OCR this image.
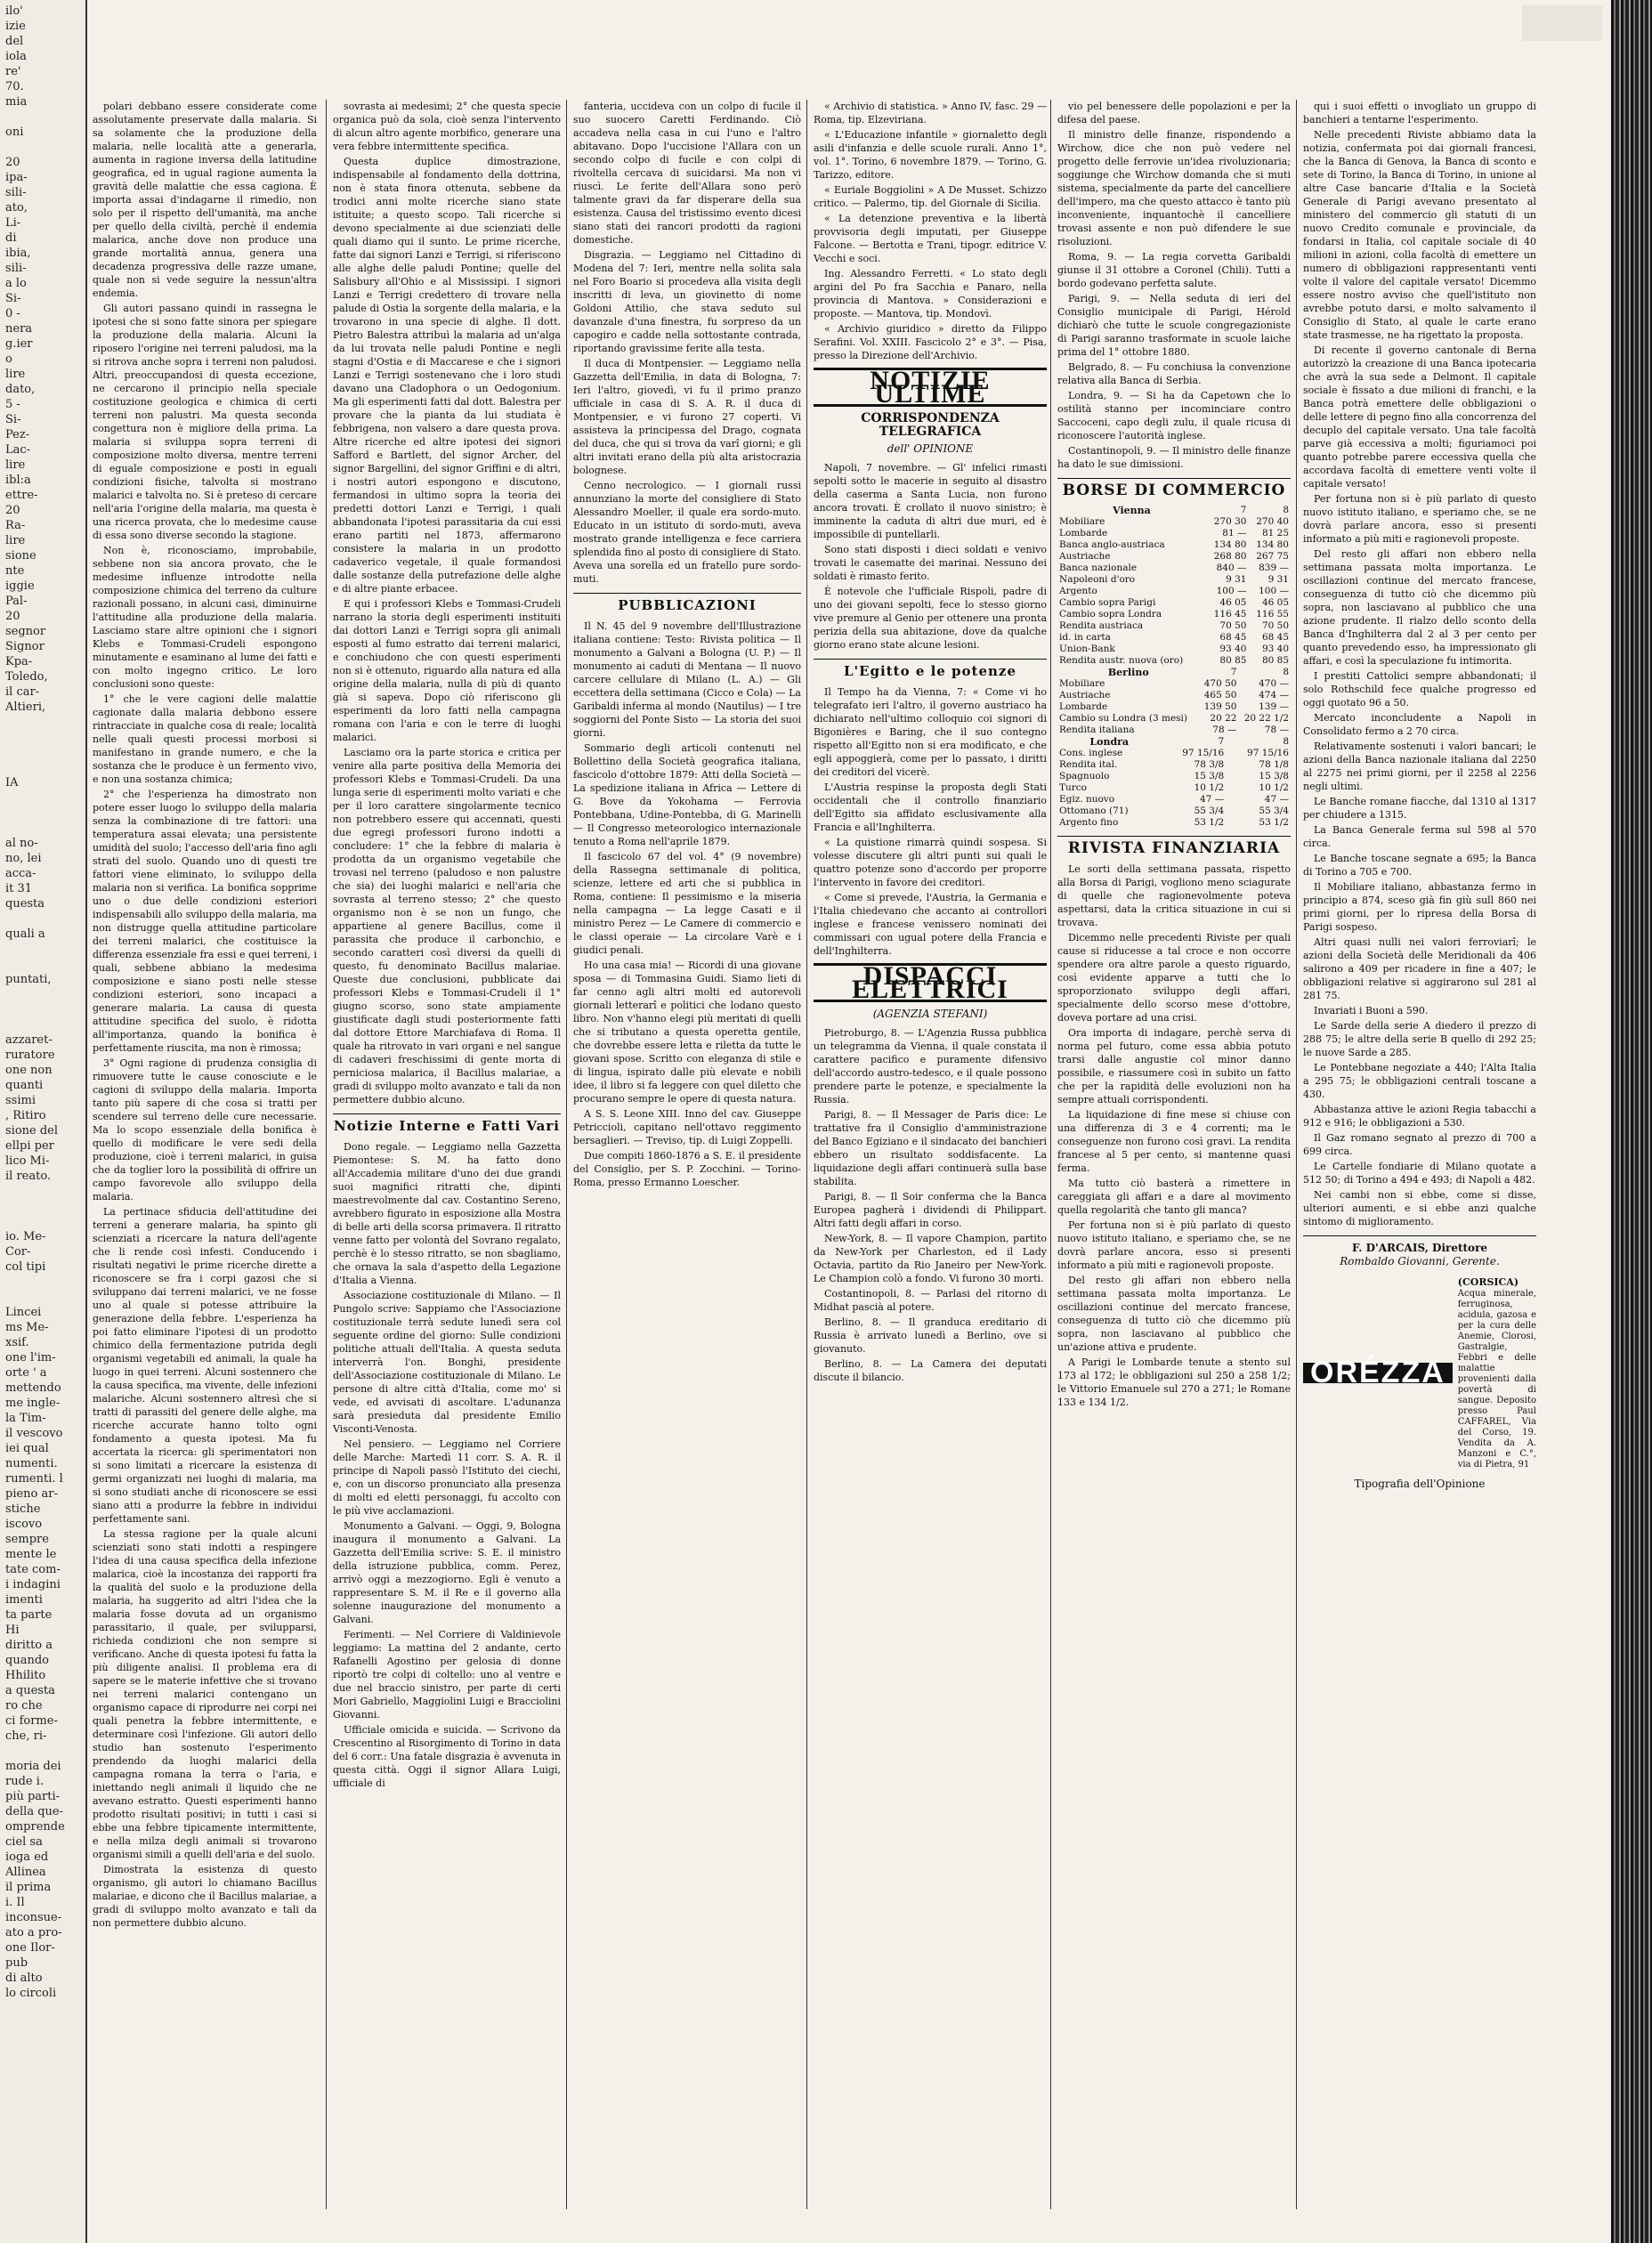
ilo'
izie
del
iola
re'
70.
mia

oni

20
ipa-
sili-
ato,
Li-
di
ibia,
sili-
a lo
Si-
0 -
nera
g.ier
o
lire
dato,
5 -
Si-
Pez-
Lac-
lire
ibl:a
ettre-
20
Ra-
lire
sione
nte
iggie
Pal-
20
segnor
Signor
Kpa-
Toledo,
il car-
Altieri,

IA

al no-
no, lei
acca-
it 31
questa

quali a

puntati,

azzaret-
ruratore
one non
quanti
ssimi
, Ritiro
sione del
ellpi per
lico Mi-
il reato.

io. Me-
Cor-
col tipi

Lincei
ms Me-
xsif.
one l'im-
orte ' a
mettendo
me ingle-
la Tim-
il vescovo
iei qual
numenti.
rumenti. l
pieno ar-
stiche
iscovo
sempre
mente le
tate com-
i indagini
imenti
ta parte
Hi
diritto a
quando
Hhilito
a questa
ro che
ci forme-
che, ri-

moria dei
rude i.
più parti-
della que-
omprende
ciel sa
ioga ed
Allinea
il prima
i. Il
inconsue-
ato a pro-
one Ilor-
pub
di alto
lo circoli

polari debbano essere considerate come assolutamente preservate dalla malaria. Si sa solamente che la produzione della malaria, nelle località atte a generarla, aumenta in ragione inversa della latitudine geografica, ed in ugual ragione aumenta la gravità delle malattie che essa cagiona. È importa assai d'indagarne il rimedio, non solo per il rispetto dell'umanità, ma anche per quello della civiltà, perchè il endemia malarica, anche dove non produce una grande mortalità annua, genera una decadenza progressiva delle razze umane, quale non si vede seguire la nessun'altra endemia.

Gli autori passano quindi in rassegna le ipotesi che si sono fatte sinora per spiegare la produzione della malaria. Alcuni la riposero l'origine nei terreni paludosi, ma la si ritrova anche sopra i terreni non paludosi. Altri, preoccupandosi di questa eccezione, ne cercarono il principio nella speciale costituzione geologica e chimica di certi terreni non palustri. Ma questa seconda congettura non è migliore della prima. La malaria si sviluppa sopra terreni di composizione molto diversa, mentre terreni di eguale composizione e posti in eguali condizioni fisiche, talvolta si mostrano malarici e talvolta no. Si è preteso di cercare nell'aria l'origine della malaria, ma questa è una ricerca provata, che lo medesime cause di essa sono diverse secondo la stagione.

Non è, riconosciamo, improbabile, sebbene non sia ancora provato, che le medesime influenze introdotte nella composizione chimica del terreno da culture razionali possano, in alcuni casi, diminuirne l'attitudine alla produzione della malaria. Lasciamo stare altre opinioni che i signori Klebs e Tommasi-Crudeli espongono minutamente e esaminano al lume dei fatti e con molto ingegno critico. Le loro conclusioni sono queste:

1° che le vere cagioni delle malattie cagionate dalla malaria debbono essere rintracciate in qualche cosa di reale; località nelle quali questi processi morbosi si manifestano in grande numero, e che la sostanza che le produce è un fermento vivo, e non una sostanza chimica;

2° che l'esperienza ha dimostrato non potere esser luogo lo sviluppo della malaria senza la combinazione di tre fattori: una temperatura assai elevata; una persistente umidità del suolo; l'accesso dell'aria fino agli strati del suolo. Quando uno di questi tre fattori viene eliminato, lo sviluppo della malaria non si verifica. La bonifica sopprime uno o due delle condizioni esteriori indispensabili allo sviluppo della malaria, ma non distrugge quella attitudine particolare dei terreni malarici, che costituisce la differenza essenziale fra essi e quei terreni, i quali, sebbene abbiano la medesima composizione e siano posti nelle stesse condizioni esteriori, sono incapaci a generare malaria. La causa di questa attitudine specifica del suolo, è ridotta all'importanza, quando la bonifica è perfettamente riuscita, ma non è rimossa;

3° Ogni ragione di prudenza consiglia di rimuovere tutte le cause conosciute e le cagioni di sviluppo della malaria. Importa tanto più sapere di che cosa si tratti per scendere sul terreno delle cure necessarie. Ma lo scopo essenziale della bonifica è quello di modificare le vere sedi della produzione, cioè i terreni malarici, in guisa che da toglier loro la possibilità di offrire un campo favorevole allo sviluppo della malaria.

La pertinace sfiducia dell'attitudine dei terreni a generare malaria, ha spinto gli scienziati a ricercare la natura dell'agente che li rende così infesti. Conducendo i risultati negativi le prime ricerche dirette a riconoscere se fra i corpi gazosi che si sviluppano dai terreni malarici, ve ne fosse uno al quale si potesse attribuire la generazione della febbre. L'esperienza ha poi fatto eliminare l'ipotesi di un prodotto chimico della fermentazione putrida degli organismi vegetabili ed animali, la quale ha luogo in quei terreni. Alcuni sostennero che la causa specifica, ma vivente, delle infezioni malariche. Alcuni sostennero altresì che si tratti di parassiti del genere delle alghe, ma ricerche accurate hanno tolto ogni fondamento a questa ipotesi. Ma fu accertata la ricerca: gli sperimentatori non si sono limitati a ricercare la esistenza di germi organizzati nei luoghi di malaria, ma si sono studiati anche di riconoscere se essi siano atti a produrre la febbre in individui perfettamente sani.

La stessa ragione per la quale alcuni scienziati sono stati indotti a respingere l'idea di una causa specifica della infezione malarica, cioè la incostanza dei rapporti fra la qualità del suolo e la produzione della malaria, ha suggerito ad altri l'idea che la malaria fosse dovuta ad un organismo parassitario, il quale, per svilupparsi, richieda condizioni che non sempre si verificano. Anche di questa ipotesi fu fatta la più diligente analisi. Il problema era di sapere se le materie infettive che si trovano nei terreni malarici contengano un organismo capace di riprodurre nei corpi nei quali penetra la febbre intermittente, e determinare così l'infezione. Gli autori dello studio han sostenuto l'esperimento prendendo da luoghi malarici della campagna romana la terra o l'aria, e iniettando negli animali il liquido che ne avevano estratto. Questi esperimenti hanno prodotto risultati positivi; in tutti i casi si ebbe una febbre tipicamente intermittente, e nella milza degli animali si trovarono organismi simili a quelli dell'aria e del suolo.

Dimostrata la esistenza di questo organismo, gli autori lo chiamano Bacillus malariae, e dicono che il Bacillus malariae, a gradi di sviluppo molto avanzato e tali da non permettere dubbio alcuno.

sovrasta ai medesimi; 2° che questa specie organica può da sola, cioè senza l'intervento di alcun altro agente morbifico, generare una vera febbre intermittente specifica.

Questa duplice dimostrazione, indispensabile al fondamento della dottrina, non è stata finora ottenuta, sebbene da trodici anni molte ricerche siano state istituite; a questo scopo. Tali ricerche si devono specialmente ai due scienziati delle quali diamo qui il sunto. Le prime ricerche, fatte dai signori Lanzi e Terrigi, si riferiscono alle alghe delle paludi Pontine; quelle del Salisbury all'Ohio e al Mississipi. I signori Lanzi e Terrigi credettero di trovare nella palude di Ostia la sorgente della malaria, e la trovarono in una specie di alghe. Il dott. Pietro Balestra attribuì la malaria ad un'alga da lui trovata nelle paludi Pontine e negli stagni d'Ostia e di Maccarese e che i signori Lanzi e Terrigi sostenevano che i loro studi davano una Cladophora o un Oedogonium. Ma gli esperimenti fatti dal dott. Balestra per provare che la pianta da lui studiata è febbrigena, non valsero a dare questa prova. Altre ricerche ed altre ipotesi dei signori Safford e Bartlett, del signor Archer, del signor Bargellini, del signor Griffini e di altri, i nostri autori espongono e discutono, fermandosi in ultimo sopra la teoria dei predetti dottori Lanzi e Terrigi, i quali abbandonata l'ipotesi parassitaria da cui essi erano partiti nel 1873, affermarono consistere la malaria in un prodotto cadaverico vegetale, il quale formandosi dalle sostanze della putrefazione delle alghe e di altre piante erbacee.

E qui i professori Klebs e Tommasi-Crudeli narrano la storia degli esperimenti instituiti dai dottori Lanzi e Terrigi sopra gli animali esposti al fumo estratto dai terreni malarici, e conchiudono che con questi esperimenti non si è ottenuto, riguardo alla natura ed alla origine della malaria, nulla di più di quanto già si sapeva. Dopo ciò riferiscono gli esperimenti da loro fatti nella campagna romana con l'aria e con le terre di luoghi malarici.

Lasciamo ora la parte storica e critica per venire alla parte positiva della Memoria dei professori Klebs e Tommasi-Crudeli. Da una lunga serie di esperimenti molto variati e che per il loro carattere singolarmente tecnico non potrebbero essere qui accennati, questi due egregi professori furono indotti a concludere: 1° che la febbre di malaria è prodotta da un organismo vegetabile che trovasi nel terreno (paludoso e non palustre che sia) dei luoghi malarici e nell'aria che sovrasta al terreno stesso; 2° che questo organismo non è se non un fungo, che appartiene al genere Bacillus, come il parassita che produce il carbonchio, e secondo caratteri così diversi da quelli di questo, fu denominato Bacillus malariae. Queste due conclusioni, pubblicate dai professori Klebs e Tommasi-Crudeli il 1° giugno scorso, sono state ampiamente giustificate dagli studi posteriormente fatti dal dottore Ettore Marchiafava di Roma. Il quale ha ritrovato in vari organi e nel sangue di cadaveri freschissimi di gente morta di perniciosa malarica, il Bacillus malariae, a gradi di sviluppo molto avanzato e tali da non permettere dubbio alcuno.

Notizie Interne e Fatti Vari

Dono regale. — Leggiamo nella Gazzetta Piemontese: S. M. ha fatto dono all'Accademia militare d'uno dei due grandi suoi magnifici ritratti che, dipinti maestrevolmente dal cav. Costantino Sereno, avrebbero figurato in esposizione alla Mostra di belle arti della scorsa primavera. Il ritratto venne fatto per volontà del Sovrano regalato, perchè è lo stesso ritratto, se non sbagliamo, che ornava la sala d'aspetto della Legazione d'Italia a Vienna.

Associazione costituzionale di Milano. — Il Pungolo scrive: Sappiamo che l'Associazione costituzionale terrà sedute lunedì sera col seguente ordine del giorno: Sulle condizioni politiche attuali dell'Italia. A questa seduta interverrà l'on. Bonghi, presidente dell'Associazione costituzionale di Milano. Le persone di altre città d'Italia, come mo' si vede, ed avvisati di ascoltare. L'adunanza sarà presieduta dal presidente Emilio Visconti-Venosta.

Nel pensiero. — Leggiamo nel Corriere delle Marche: Martedì 11 corr. S. A. R. il principe di Napoli passò l'Istituto dei ciechi, e, con un discorso pronunciato alla presenza di molti ed eletti personaggi, fu accolto con le più vive acclamazioni.

Monumento a Galvani. — Oggi, 9, Bologna inaugura il monumento a Galvani. La Gazzetta dell'Emilia scrive: S. E. il ministro della istruzione pubblica, comm. Perez, arrivò oggi a mezzogiorno. Egli è venuto a rappresentare S. M. il Re e il governo alla solenne inaugurazione del monumento a Galvani.

Ferimenti. — Nel Corriere di Valdinievole leggiamo: La mattina del 2 andante, certo Rafanelli Agostino per gelosia di donne riportò tre colpi di coltello: uno al ventre e due nel braccio sinistro, per parte di certi Mori Gabriello, Maggiolini Luigi e Bracciolini Giovanni.

Ufficiale omicida e suicida. — Scrivono da Crescentino al Risorgimento di Torino in data del 6 corr.: Una fatale disgrazia è avvenuta in questa città. Oggi il signor Allara Luigi, ufficiale di

fanteria, uccideva con un colpo di fucile il suo suocero Caretti Ferdinando. Ciò accadeva nella casa in cui l'uno e l'altro abitavano. Dopo l'uccisione l'Allara con un secondo colpo di fucile e con colpi di rivoltella cercava di suicidarsi. Ma non vi riuscì. Le ferite dell'Allara sono però talmente gravi da far disperare della sua esistenza. Causa del tristissimo evento dicesi siano stati dei rancori prodotti da ragioni domestiche.

Disgrazia. — Leggiamo nel Cittadino di Modena del 7: Ieri, mentre nella solita sala nel Foro Boario si procedeva alla visita degli inscritti di leva, un giovinetto di nome Goldoni Attilio, che stava seduto sul davanzale d'una finestra, fu sorpreso da un capogiro e cadde nella sottostante contrada, riportando gravissime ferite alla testa.

Il duca di Montpensier. — Leggiamo nella Gazzetta dell'Emilia, in data di Bologna, 7: Ieri l'altro, giovedì, vi fu il primo pranzo ufficiale in casa di S. A. R. il duca di Montpensier, e vi furono 27 coperti. Vi assisteva la principessa del Drago, cognata del duca, che qui si trova da varî giorni; e gli altri invitati erano della più alta aristocrazia bolognese.

Cenno necrologico. — I giornali russi annunziano la morte del consigliere di Stato Alessandro Moeller, il quale era sordo-muto. Educato in un istituto di sordo-muti, aveva mostrato grande intelligenza e fece carriera splendida fino al posto di consigliere di Stato. Aveva una sorella ed un fratello pure sordo-muti.

PUBBLICAZIONI

Il N. 45 del 9 novembre dell'Illustrazione italiana contiene: Testo: Rivista politica — Il monumento a Galvani a Bologna (U. P.) — Il monumento ai caduti di Mentana — Il nuovo carcere cellulare di Milano (L. A.) — Gli eccettera della settimana (Cicco e Cola) — La Garibaldi inferma al mondo (Nautilus) — I tre soggiorni del Ponte Sisto — La storia dei suoi giorni.

Sommario degli articoli contenuti nel Bollettino della Società geografica italiana, fascicolo d'ottobre 1879: Atti della Società — La spedizione italiana in Africa — Lettere di G. Bove da Yokohama — Ferrovia Pontebbana, Udine-Pontebba, di G. Marinelli — Il Congresso meteorologico internazionale tenuto a Roma nell'aprile 1879.

Il fascicolo 67 del vol. 4° (9 novembre) della Rassegna settimanale di politica, scienze, lettere ed arti che si pubblica in Roma, contiene: Il pessimismo e la miseria nella campagna — La legge Casati e il ministro Perez — Le Camere di commercio e le classi operaie — La circolare Varè e i giudici penali.

Ho una casa mia! — Ricordi di una giovane sposa — di Tommasina Guidi. Siamo lieti di far cenno agli altri molti ed autorevoli giornali letterarî e politici che lodano questo libro. Non v'hanno elegi più meritati di quelli che si tributano a questa operetta gentile, che dovrebbe essere letta e riletta da tutte le giovani spose. Scritto con eleganza di stile e di lingua, ispirato dalle più elevate e nobili idee, il libro si fa leggere con quel diletto che procurano sempre le opere di questa natura.

A S. S. Leone XIII. Inno del cav. Giuseppe Petriccioli, capitano nell'ottavo reggimento bersaglieri. — Treviso, tip. di Luigi Zoppelli.

Due compiti 1860-1876 a S. E. il presidente del Consiglio, per S. P. Zocchini. — Torino-Roma, presso Ermanno Loescher.

« Archivio di statistica. » Anno IV, fasc. 29 — Roma, tip. Elzeviriana.

« L'Educazione infantile » giornaletto degli asili d'infanzia e delle scuole rurali. Anno 1°, vol. 1°. Torino, 6 novembre 1879. — Torino, G. Tarizzo, editore.

« Euriale Boggiolini » A De Musset. Schizzo critico. — Palermo, tip. del Giornale di Sicilia.

« La detenzione preventiva e la libertà provvisoria degli imputati, per Giuseppe Falcone. — Bertotta e Trani, tipogr. editrice V. Vecchi e soci.

Ing. Alessandro Ferretti. « Lo stato degli argini del Po fra Sacchia e Panaro, nella provincia di Mantova. » Considerazioni e proposte. — Mantova, tip. Mondovì.

« Archivio giuridico » diretto da Filippo Serafini. Vol. XXIII. Fascicolo 2° e 3°. — Pisa, presso la Direzione dell'Archivio.

NOTIZIE ULTIME
CORRISPONDENZA TELEGRAFICA
dell' OPINIONE

Napoli, 7 novembre. — Gl' infelici rimasti sepolti sotto le macerie in seguito al disastro della caserma a Santa Lucia, non furono ancora trovati. È crollato il nuovo sinistro; è imminente la caduta di altri due muri, ed è impossibile di puntellarli.

Sono stati disposti i dieci soldati e venivo trovati le casematte dei marinai. Nessuno dei soldati è rimasto ferito.

È notevole che l'ufficiale Rispoli, padre di uno dei giovani sepolti, fece lo stesso giorno vive premure al Genio per ottenere una pronta perizia della sua abitazione, dove da qualche giorno erano state alcune lesioni.

L'Egitto e le potenze

Il Tempo ha da Vienna, 7: « Come vi ho telegrafato ieri l'altro, il governo austriaco ha dichiarato nell'ultimo colloquio coi signori di Bigonières e Baring, che il suo contegno rispetto all'Egitto non si era modificato, e che egli appoggierà, come per lo passato, i diritti dei creditori del vicerè.

L'Austria respinse la proposta degli Stati occidentali che il controllo finanziario dell'Egitto sia affidato esclusivamente alla Francia e all'Inghilterra.

« La quistione rimarrà quindi sospesa. Si volesse discutere gli altri punti sui quali le quattro potenze sono d'accordo per proporre l'intervento in favore dei creditori.

« Come si prevede, l'Austria, la Germania e l'Italia chiedevano che accanto ai controllori inglese e francese venissero nominati dei commissari con ugual potere della Francia e dell'Inghilterra.

DISPACCI ELETTRICI
(AGENZIA STEFANI)

Pietroburgo, 8. — L'Agenzia Russa pubblica un telegramma da Vienna, il quale constata il carattere pacifico e puramente difensivo dell'accordo austro-tedesco, e il quale possono prendere parte le potenze, e specialmente la Russia.

Parigi, 8. — Il Messager de Paris dice: Le trattative fra il Consiglio d'amministrazione del Banco Egiziano e il sindacato dei banchieri ebbero un risultato soddisfacente. La liquidazione degli affari continuerà sulla base stabilita.

Parigi, 8. — Il Soir conferma che la Banca Europea pagherà i dividendi di Philippart. Altri fatti degli affari in corso.

New-York, 8. — Il vapore Champion, partito da New-York per Charleston, ed il Lady Octavia, partito da Rio Janeiro per New-York. Le Champion colò a fondo. Vi furono 30 morti.

Costantinopoli, 8. — Parlasi del ritorno di Midhat pascià al potere.

Berlino, 8. — Il granduca ereditario di Russia è arrivato lunedì a Berlino, ove si giovanuto.

Berlino, 8. — La Camera dei deputati discute il bilancio.

vio pel benessere delle popolazioni e per la difesa del paese.

Il ministro delle finanze, rispondendo a Wirchow, dice che non può vedere nel progetto delle ferrovie un'idea rivoluzionaria; soggiunge che Wirchow domanda che si muti sistema, specialmente da parte del cancelliere dell'impero, ma che questo attacco è tanto più inconveniente, inquantochè il cancelliere trovasi assente e non può difendere le sue risoluzioni.

Roma, 9. — La regia corvetta Garibaldi giunse il 31 ottobre a Coronel (Chili). Tutti a bordo godevano perfetta salute.

Parigi, 9. — Nella seduta di ieri del Consiglio municipale di Parigi, Hérold dichiarò che tutte le scuole congregazioniste di Parigi saranno trasformate in scuole laiche prima del 1° ottobre 1880.

Belgrado, 8. — Fu conchiusa la convenzione relativa alla Banca di Serbia.

Londra, 9. — Si ha da Capetown che lo ostilità stanno per incominciare contro Saccoceni, capo degli zulu, il quale ricusa di riconoscere l'autorità inglese.

Costantinopoli, 9. — Il ministro delle finanze ha dato le sue dimissioni.

BORSE DI COMMERCIO
Vienna	7	8
Mobiliare	270 30	270 40
Lombarde	81 —	81 25
Banca anglo-austriaca	134 80	134 80
Austriache	268 80	267 75
Banca nazionale	840 —	839 —
Napoleoni d'oro	9 31	9 31
Argento	100 —	100 —
Cambio sopra Parigi	46 05	46 05
Cambio sopra Londra	116 45	116 55
Rendita austriaca	70 50	70 50
id. in carta	68 45	68 45
Union-Bank	93 40	93 40
Rendita austr. nuova (oro)	80 85	80 85
Berlino	7	8
Mobiliare	470 50	470 —
Austriache	465 50	474 —
Lombarde	139 50	139 —
Cambio su Londra (3 mesi)	20 22	20 22 1/2
Rendita italiana	78 —	78 —
Londra	7	8
Cons. inglese	97 15/16	97 15/16
Rendita ital.	78 3/8	78 1/8
Spagnuolo	15 3/8	15 3/8
Turco	10 1/2	10 1/2
Egiz. nuovo	47 —	47 —
Ottomano (71)	55 3/4	55 3/4
Argento fino	53 1/2	53 1/2
RIVISTA FINANZIARIA

Le sorti della settimana passata, rispetto alla Borsa di Parigi, vogliono meno sciagurate di quelle che ragionevolmente poteva aspettarsi, data la critica situazione in cui si trovava.

Dicemmo nelle precedenti Riviste per quali cause si riducesse a tal croce e non occorre spendere ora altre parole a questo riguardo, così evidente apparve a tutti che lo sproporzionato sviluppo degli affari, specialmente dello scorso mese d'ottobre, doveva portare ad una crisi.

Ora importa di indagare, perchè serva di norma pel futuro, come essa abbia potuto trarsi dalle angustie col minor danno possibile, e riassumere così in subito un fatto che per la rapidità delle evoluzioni non ha sempre attuali corrispondenti.

La liquidazione di fine mese si chiuse con una differenza di 3 e 4 correnti; ma le conseguenze non furono così gravi. La rendita francese al 5 per cento, si mantenne quasi ferma.

Ma tutto ciò basterà a rimettere in careggiata gli affari e a dare al movimento quella regolarità che tanto gli manca?

Per fortuna non si è più parlato di questo nuovo istituto italiano, e speriamo che, se ne dovrà parlare ancora, esso si presenti informato a più miti e ragionevoli proposte.

Del resto gli affari non ebbero nella settimana passata molta importanza. Le oscillazioni continue del mercato francese, conseguenza di tutto ciò che dicemmo più sopra, non lasciavano al pubblico che un'azione attiva e prudente.

A Parigi le Lombarde tenute a stento sul 173 al 172; le obbligazioni sul 250 a 258 1/2; le Vittorio Emanuele sul 270 a 271; le Romane 133 e 134 1/2.

qui i suoi effetti o invogliato un gruppo di banchieri a tentarne l'esperimento.

Nelle precedenti Riviste abbiamo data la notizia, confermata poi dai giornali francesi, che la Banca di Genova, la Banca di sconto e sete di Torino, la Banca di Torino, in unione al altre Case bancarie d'Italia e la Società Generale di Parigi avevano presentato al ministero del commercio gli statuti di un nuovo Credito comunale e provinciale, da fondarsi in Italia, col capitale sociale di 40 milioni in azioni, colla facoltà di emettere un numero di obbligazioni rappresentanti venti volte il valore del capitale versato! Dicemmo essere nostro avviso che quell'istituto non avrebbe potuto darsi, e molto salvamento il Consiglio di Stato, al quale le carte erano state trasmesse, ne ha rigettato la proposta.

Di recente il governo cantonale di Berna autorizzò la creazione di una Banca ipotecaria che avrà la sua sede a Delmont. Il capitale sociale è fissato a due milioni di franchi, e la Banca potrà emettere delle obbligazioni o delle lettere di pegno fino alla concorrenza del decuplo del capitale versato. Una tale facoltà parve già eccessiva a molti; figuriamoci poi quanto potrebbe parere eccessiva quella che accordava facoltà di emettere venti volte il capitale versato!

Per fortuna non si è più parlato di questo nuovo istituto italiano, e speriamo che, se ne dovrà parlare ancora, esso si presenti informato a più miti e ragionevoli proposte.

Del resto gli affari non ebbero nella settimana passata molta importanza. Le oscillazioni continue del mercato francese, conseguenza di tutto ciò che dicemmo più sopra, non lasciavano al pubblico che una azione prudente. Il rialzo dello sconto della Banca d'Inghilterra dal 2 al 3 per cento per quanto prevedendo esso, ha impressionato gli affari, e così la speculazione fu intimorita.

I prestiti Cattolici sempre abbandonati; il solo Rothschild fece qualche progresso ed oggi quotato 96 a 50.

Mercato inconcludente a Napoli in Consolidato fermo a 2 70 circa.

Relativamente sostenuti i valori bancari; le azioni della Banca nazionale italiana dal 2250 al 2275 nei primi giorni, per il 2258 al 2256 negli ultimi.

Le Banche romane fiacche, dal 1310 al 1317 per chiudere a 1315.

La Banca Generale ferma sul 598 al 570 circa.

Le Banche toscane segnate a 695; la Banca di Torino a 705 e 700.

Il Mobiliare italiano, abbastanza fermo in principio a 874, sceso già fin giù sull 860 nei primi giorni, per lo ripresa della Borsa di Parigi sospeso.

Altri quasi nulli nei valori ferroviarî; le azioni della Società delle Meridionali da 406 salirono a 409 per ricadere in fine a 407; le obbligazioni relative si aggirarono sul 281 al 281 75.

Invariati i Buoni a 590.

Le Sarde della serie A diedero il prezzo di 288 75; le altre della serie B quello di 292 25; le nuove Sarde a 285.

Le Pontebbane negoziate a 440; l'Alta Italia a 295 75; le obbligazioni centrali toscane a 430.

Abbastanza attive le azioni Regia tabacchi a 912 e 916; le obbligazioni a 530.

Il Gaz romano segnato al prezzo di 700 a 699 circa.

Le Cartelle fondiarie di Milano quotate a 512 50; di Torino a 494 e 493; di Napoli a 482.

Nei cambi non si ebbe, come si disse, ulteriori aumenti, e si ebbe anzi qualche sintomo di miglioramento.

F. D'ARCAIS, Direttore
Rombaldo Giovanni, Gerente.
ORÉZZA
(CORSICA)
Acqua minerale, ferruginosa, acidula, gazosa e per la cura delle Anemie, Clorosi, Gastralgie, Febbri e delle malattie provenienti dalla povertà di sangue. Deposito presso Paul CAFFAREL, Via del Corso, 19. Vendita da A. Manzoni e C.°, via di Pietra, 91
Tipografia dell'Opinione
